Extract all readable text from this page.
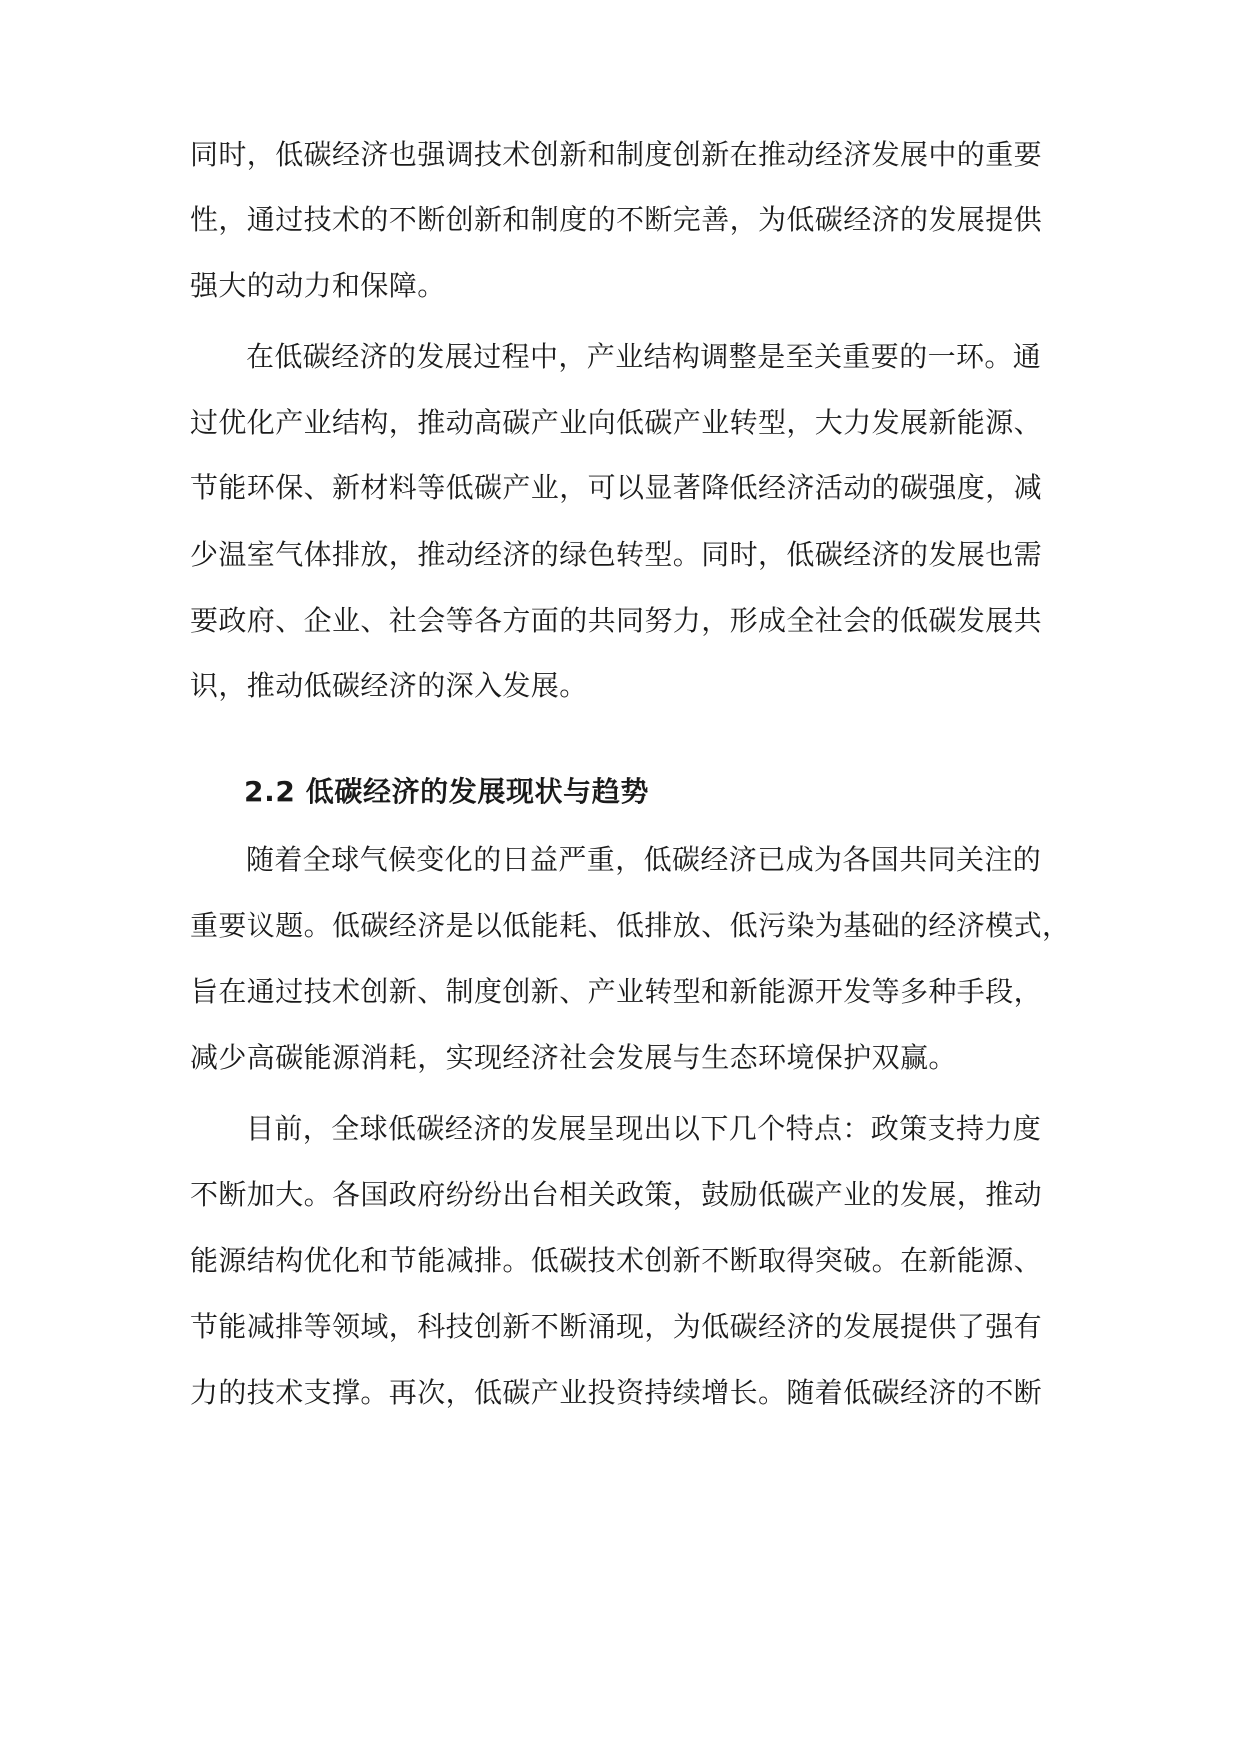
同时，低碳经济也强调技术创新和制度创新在推动经济发展中的重要
性，通过技术的不断创新和制度的不断完善，为低碳经济的发展提供
强大的动力和保障。
在低碳经济的发展过程中，产业结构调整是至关重要的一环。通
过优化产业结构，推动高碳产业向低碳产业转型，大力发展新能源、
节能环保、新材料等低碳产业，可以显著降低经济活动的碳强度，减
少温室气体排放，推动经济的绿色转型。同时，低碳经济的发展也需
要政府、企业、社会等各方面的共同努力，形成全社会的低碳发展共
识，推动低碳经济的深入发展。
2.2 低碳经济的发展现状与趋势
随着全球气候变化的日益严重，低碳经济已成为各国共同关注的
重要议题。低碳经济是以低能耗、低排放、低污染为基础的经济模式，
旨在通过技术创新、制度创新、产业转型和新能源开发等多种手段，
减少高碳能源消耗，实现经济社会发展与生态环境保护双赢。
目前，全球低碳经济的发展呈现出以下几个特点：政策支持力度
不断加大。各国政府纷纷出台相关政策，鼓励低碳产业的发展，推动
能源结构优化和节能减排。低碳技术创新不断取得突破。在新能源、
节能减排等领域，科技创新不断涌现，为低碳经济的发展提供了强有
力的技术支撑。再次，低碳产业投资持续增长。随着低碳经济的不断
